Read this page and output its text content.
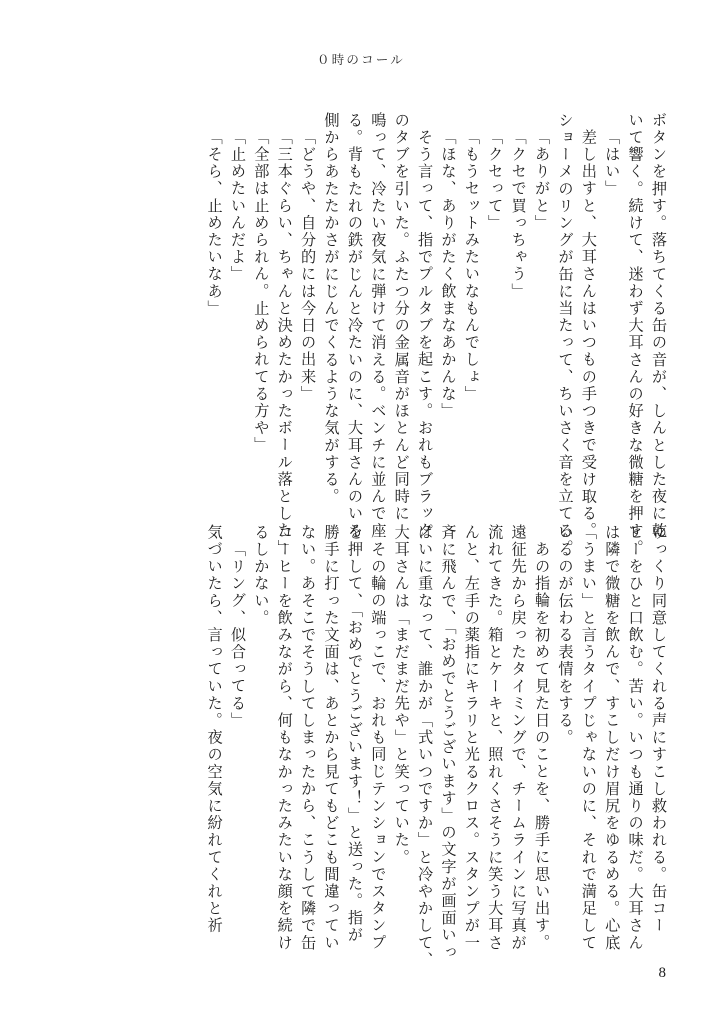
０時のコール
ボタンを押す。落ちてくる缶の音が、しんとした夜に乾
いて響く。続けて、迷わず大耳さんの好きな微糖を押す。
「はい」
差し出すと、大耳さんはいつもの手つきで受け取る。
ショーメのリングが缶に当たって、ちいさく音を立てる。
「ありがと」
「クセで買っちゃう」
「クセって」
「もうセットみたいなもんでしょ」
「ほな、ありがたく飲まなあかんな」
そう言って、指でプルタブを起こす。おれもブラック
のタブを引いた。ふたつ分の金属音がほとんど同時に
鳴って、冷たい夜気に弾けて消える。ベンチに並んで座
る。背もたれの鉄がじんと冷たいのに、大耳さんのいる
側からあたたかさがにじんでくるような気がする。
「どうや、自分的には今日の出来」
「三本ぐらい、ちゃんと決めたかったボール落とした」
「全部は止められん。止められてる方や」
「止めたいんだよ」
「そら、止めたいなあ」
ゆっくり同意してくれる声にすこし救われる。缶コー
ヒーをひと口飲む。苦い。いつも通りの味だ。大耳さん
は隣で微糖を飲んで、すこしだけ眉尻をゆるめる。心底
「うまい」と言うタイプじゃないのに、それで満足して
いるのが伝わる表情をする。
あの指輪を初めて見た日のことを、勝手に思い出す。
遠征先から戻ったタイミングで、チームラインに写真が
流れてきた。箱とケーキと、照れくさそうに笑う大耳さ
んと、左手の薬指にキラリと光るクロス。スタンプが一
斉に飛んで、「おめでとうございます」の文字が画面いっ
ぱいに重なって、誰かが「式いつですか」と冷やかして、
大耳さんは「まだまだ先や」と笑っていた。
その輪の端っこで、おれも同じテンションでスタンプ
を押して、「おめでとうございます！」と送った。指が
勝手に打った文面は、あとから見てもどこも間違ってい
ない。あそこでそうしてしまったから、こうして隣で缶
コーヒーを飲みながら、何もなかったみたいな顔を続け
るしかない。
「リング、似合ってる」
気づいたら、言っていた。夜の空気に紛れてくれと祈
8
